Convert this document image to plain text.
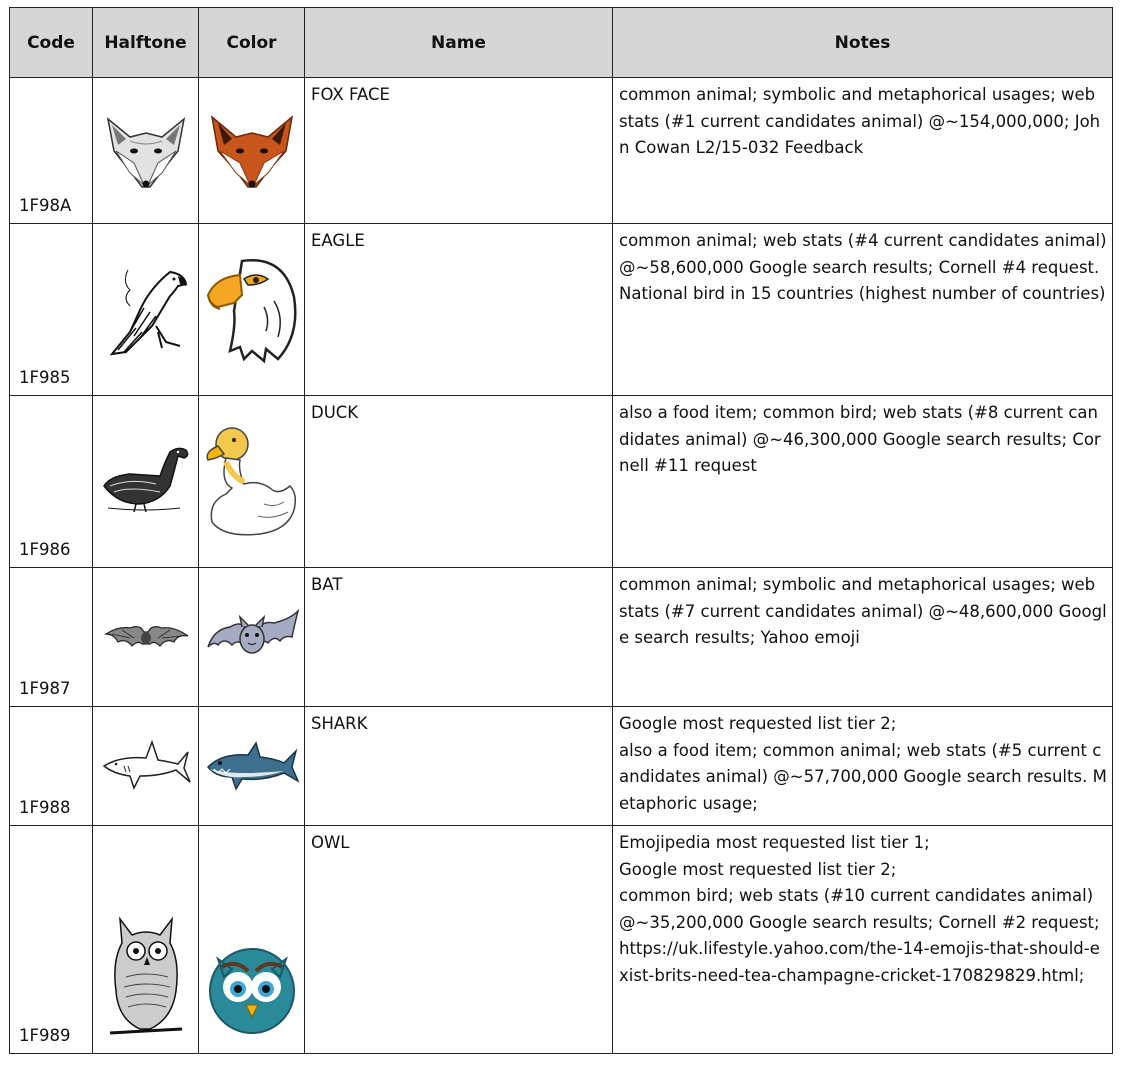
Code	Halftone	Color	Name	Notes
1F98A			FOX FACE	common animal; symbolic and metaphorical usages; web stats (#1 current candidates animal) @~154,000,000; John Cowan L2/15-032 Feedback

1F985			EAGLE	common animal; web stats (#4 current candidates animal) @~58,600,000 Google search results; Cornell #4 request. National bird in 15 countries (highest number of countries)

1F986			DUCK	also a food item; common bird; web stats (#8 current candidates animal) @~46,300,000 Google search results; Cornell #11 request

1F987			BAT	common animal; symbolic and metaphorical usages; web stats (#7 current candidates animal) @~48,600,000 Google search results; Yahoo emoji

1F988			SHARK	Google most requested list tier 2;
also a food item; common animal; web stats (#5 current candidates animal) @~57,700,000 Google search results. Metaphoric usage;

1F989			OWL	Emojipedia most requested list tier 1;
Google most requested list tier 2;
common bird; web stats (#10 current candidates animal) @~35,200,000 Google search results; Cornell #2 request;
https://uk.lifestyle.yahoo.com/the-14-emojis-that-should-exist-brits-need-tea-champagne-cricket-170829829.html;
